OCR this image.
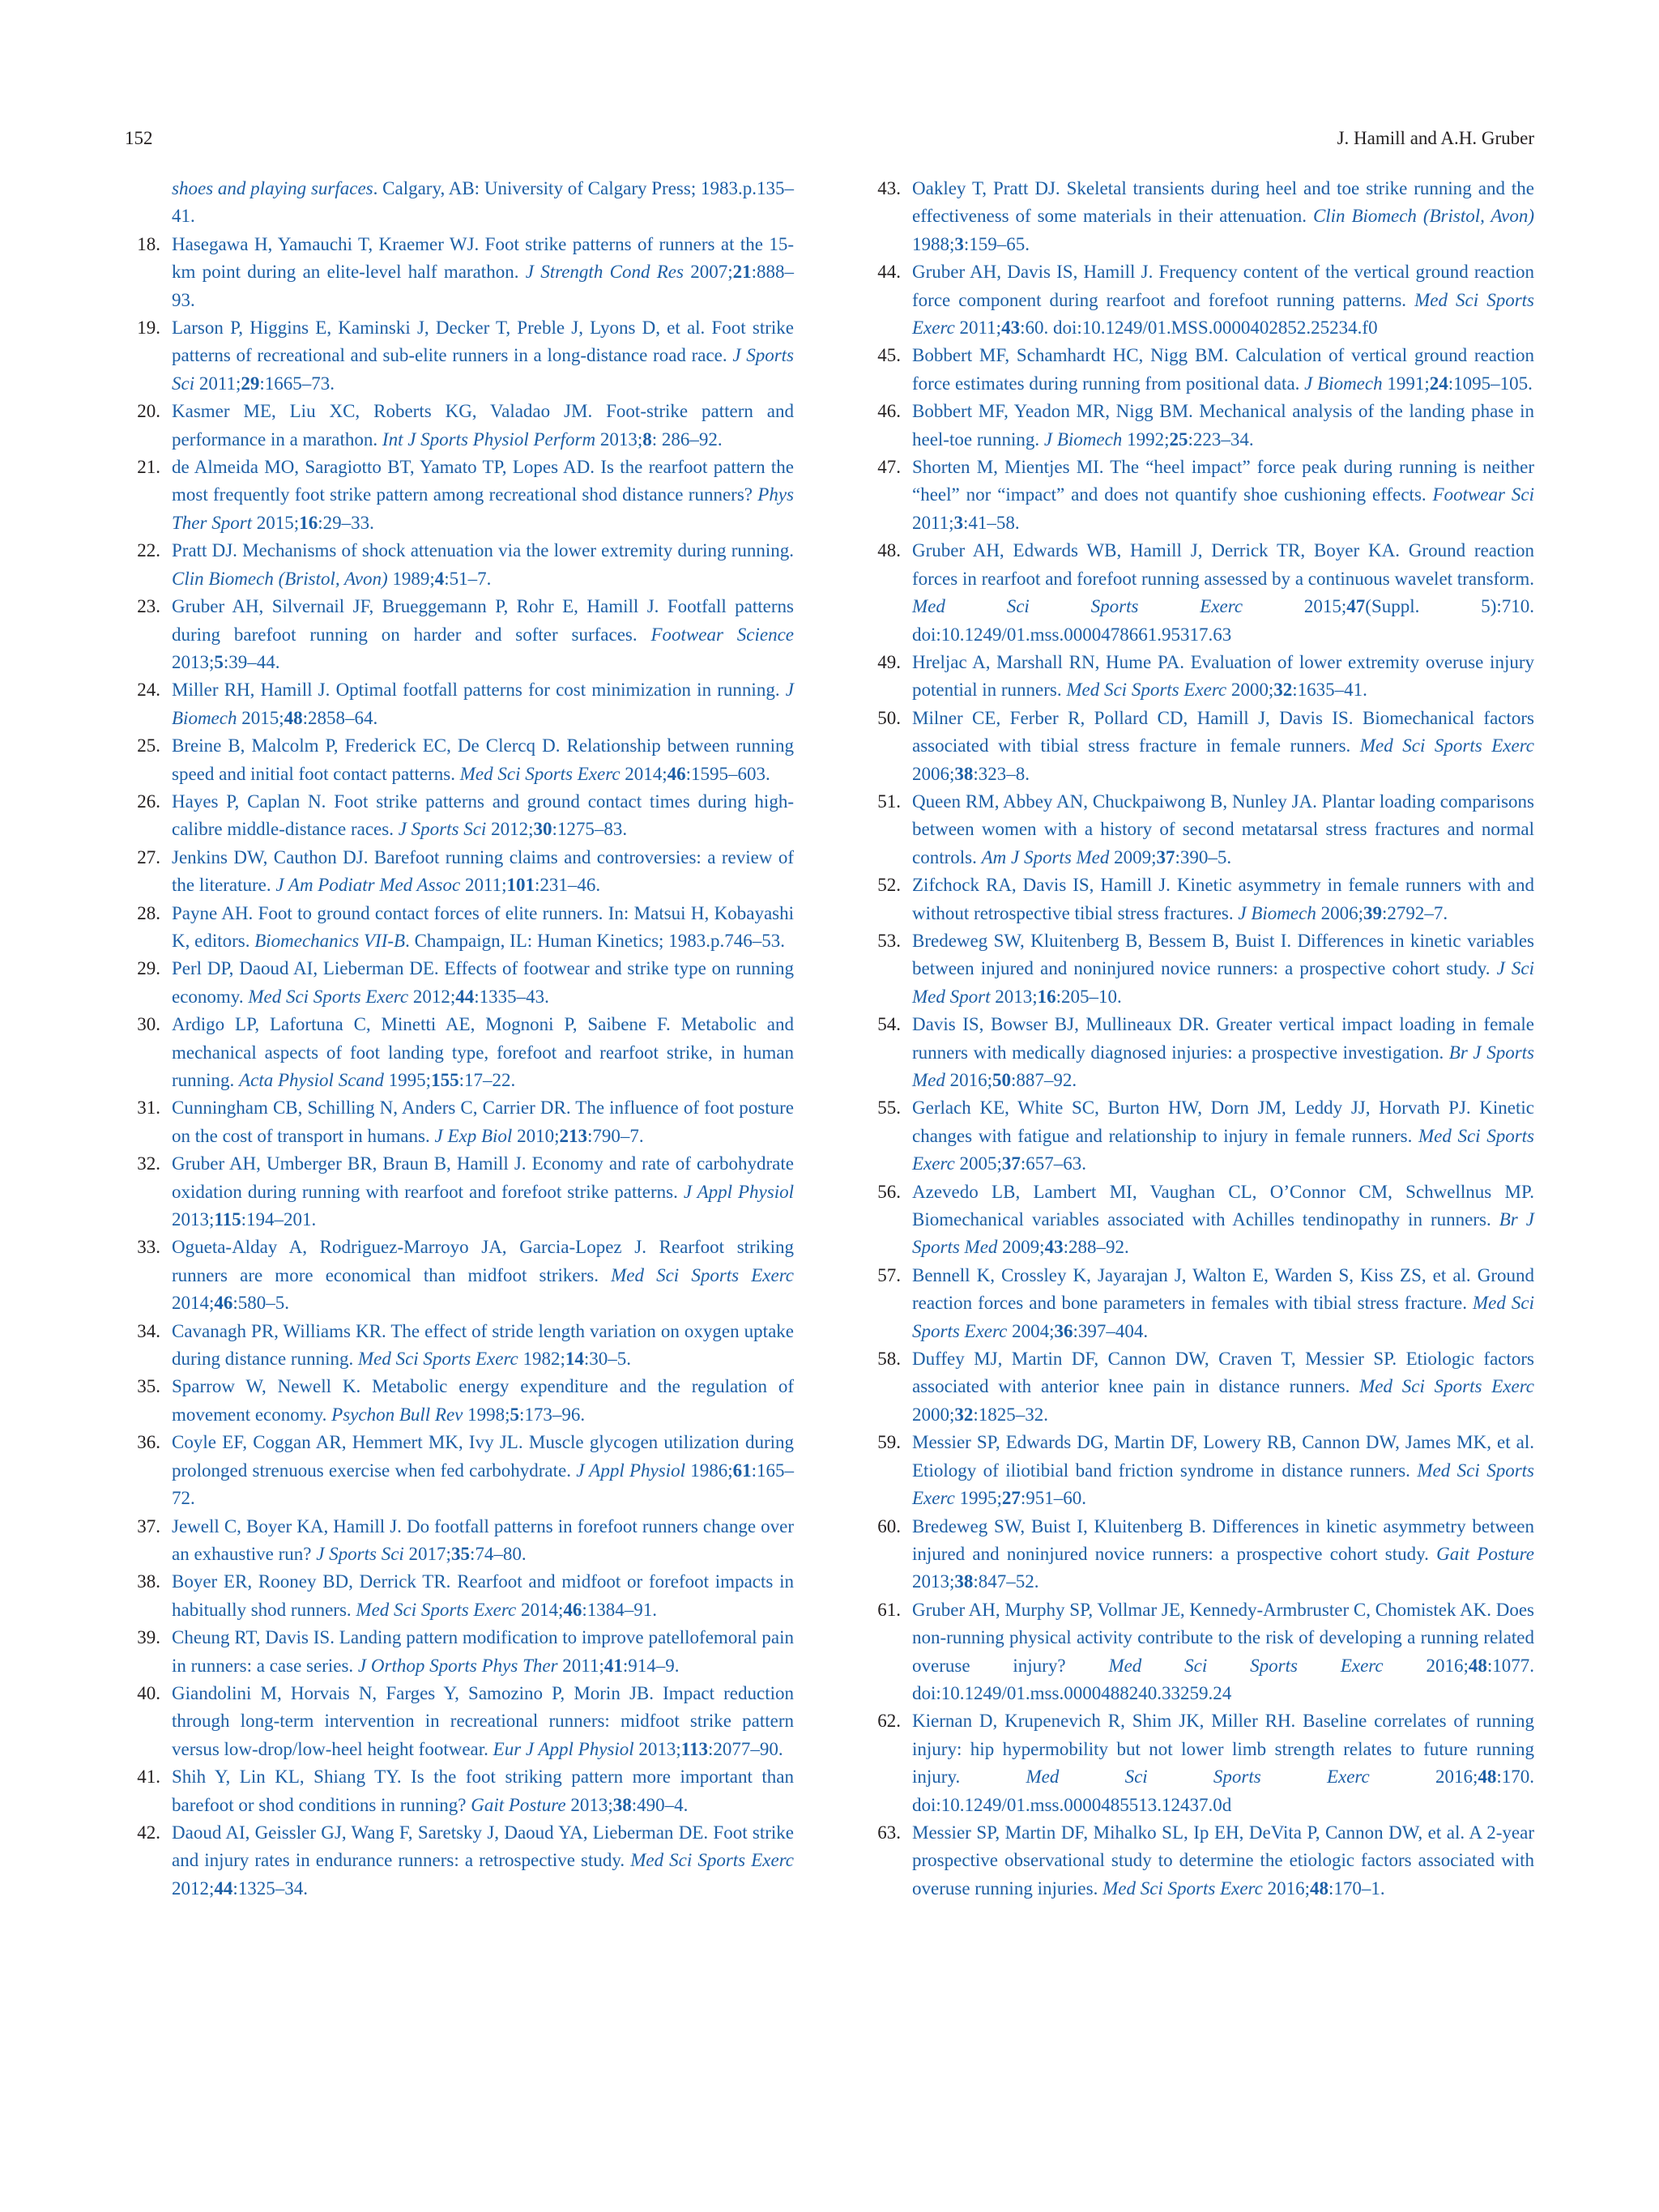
152	J. Hamill and A.H. Gruber
shoes and playing surfaces. Calgary, AB: University of Calgary Press; 1983.p.135–41.
18. Hasegawa H, Yamauchi T, Kraemer WJ. Foot strike patterns of runners at the 15-km point during an elite-level half marathon. J Strength Cond Res 2007;21:888–93.
19. Larson P, Higgins E, Kaminski J, Decker T, Preble J, Lyons D, et al. Foot strike patterns of recreational and sub-elite runners in a long-distance road race. J Sports Sci 2011;29:1665–73.
20. Kasmer ME, Liu XC, Roberts KG, Valadao JM. Foot-strike pattern and performance in a marathon. Int J Sports Physiol Perform 2013;8: 286–92.
21. de Almeida MO, Saragiotto BT, Yamato TP, Lopes AD. Is the rearfoot pattern the most frequently foot strike pattern among recreational shod distance runners? Phys Ther Sport 2015;16:29–33.
22. Pratt DJ. Mechanisms of shock attenuation via the lower extremity during running. Clin Biomech (Bristol, Avon) 1989;4:51–7.
23. Gruber AH, Silvernail JF, Brueggemann P, Rohr E, Hamill J. Footfall patterns during barefoot running on harder and softer surfaces. Footwear Science 2013;5:39–44.
24. Miller RH, Hamill J. Optimal footfall patterns for cost minimization in running. J Biomech 2015;48:2858–64.
25. Breine B, Malcolm P, Frederick EC, De Clercq D. Relationship between running speed and initial foot contact patterns. Med Sci Sports Exerc 2014;46:1595–603.
26. Hayes P, Caplan N. Foot strike patterns and ground contact times during high-calibre middle-distance races. J Sports Sci 2012;30:1275–83.
27. Jenkins DW, Cauthon DJ. Barefoot running claims and controversies: a review of the literature. J Am Podiatr Med Assoc 2011;101:231–46.
28. Payne AH. Foot to ground contact forces of elite runners. In: Matsui H, Kobayashi K, editors. Biomechanics VII-B. Champaign, IL: Human Kinetics; 1983.p.746–53.
29. Perl DP, Daoud AI, Lieberman DE. Effects of footwear and strike type on running economy. Med Sci Sports Exerc 2012;44:1335–43.
30. Ardigo LP, Lafortuna C, Minetti AE, Mognoni P, Saibene F. Metabolic and mechanical aspects of foot landing type, forefoot and rearfoot strike, in human running. Acta Physiol Scand 1995;155:17–22.
31. Cunningham CB, Schilling N, Anders C, Carrier DR. The influence of foot posture on the cost of transport in humans. J Exp Biol 2010;213:790–7.
32. Gruber AH, Umberger BR, Braun B, Hamill J. Economy and rate of carbohydrate oxidation during running with rearfoot and forefoot strike patterns. J Appl Physiol 2013;115:194–201.
33. Ogueta-Alday A, Rodriguez-Marroyo JA, Garcia-Lopez J. Rearfoot striking runners are more economical than midfoot strikers. Med Sci Sports Exerc 2014;46:580–5.
34. Cavanagh PR, Williams KR. The effect of stride length variation on oxygen uptake during distance running. Med Sci Sports Exerc 1982;14:30–5.
35. Sparrow W, Newell K. Metabolic energy expenditure and the regulation of movement economy. Psychon Bull Rev 1998;5:173–96.
36. Coyle EF, Coggan AR, Hemmert MK, Ivy JL. Muscle glycogen utilization during prolonged strenuous exercise when fed carbohydrate. J Appl Physiol 1986;61:165–72.
37. Jewell C, Boyer KA, Hamill J. Do footfall patterns in forefoot runners change over an exhaustive run? J Sports Sci 2017;35:74–80.
38. Boyer ER, Rooney BD, Derrick TR. Rearfoot and midfoot or forefoot impacts in habitually shod runners. Med Sci Sports Exerc 2014;46:1384–91.
39. Cheung RT, Davis IS. Landing pattern modification to improve patellofemoral pain in runners: a case series. J Orthop Sports Phys Ther 2011;41:914–9.
40. Giandolini M, Horvais N, Farges Y, Samozino P, Morin JB. Impact reduction through long-term intervention in recreational runners: midfoot strike pattern versus low-drop/low-heel height footwear. Eur J Appl Physiol 2013;113:2077–90.
41. Shih Y, Lin KL, Shiang TY. Is the foot striking pattern more important than barefoot or shod conditions in running? Gait Posture 2013;38:490–4.
42. Daoud AI, Geissler GJ, Wang F, Saretsky J, Daoud YA, Lieberman DE. Foot strike and injury rates in endurance runners: a retrospective study. Med Sci Sports Exerc 2012;44:1325–34.
43. Oakley T, Pratt DJ. Skeletal transients during heel and toe strike running and the effectiveness of some materials in their attenuation. Clin Biomech (Bristol, Avon) 1988;3:159–65.
44. Gruber AH, Davis IS, Hamill J. Frequency content of the vertical ground reaction force component during rearfoot and forefoot running patterns. Med Sci Sports Exerc 2011;43:60. doi:10.1249/01.MSS.0000402852.25234.f0
45. Bobbert MF, Schamhardt HC, Nigg BM. Calculation of vertical ground reaction force estimates during running from positional data. J Biomech 1991;24:1095–105.
46. Bobbert MF, Yeadon MR, Nigg BM. Mechanical analysis of the landing phase in heel-toe running. J Biomech 1992;25:223–34.
47. Shorten M, Mientjes MI. The “heel impact” force peak during running is neither “heel” nor “impact” and does not quantify shoe cushioning effects. Footwear Sci 2011;3:41–58.
48. Gruber AH, Edwards WB, Hamill J, Derrick TR, Boyer KA. Ground reaction forces in rearfoot and forefoot running assessed by a continuous wavelet transform. Med Sci Sports Exerc 2015;47(Suppl. 5):710. doi:10.1249/01.mss.0000478661.95317.63
49. Hreljac A, Marshall RN, Hume PA. Evaluation of lower extremity overuse injury potential in runners. Med Sci Sports Exerc 2000;32:1635–41.
50. Milner CE, Ferber R, Pollard CD, Hamill J, Davis IS. Biomechanical factors associated with tibial stress fracture in female runners. Med Sci Sports Exerc 2006;38:323–8.
51. Queen RM, Abbey AN, Chuckpaiwong B, Nunley JA. Plantar loading comparisons between women with a history of second metatarsal stress fractures and normal controls. Am J Sports Med 2009;37:390–5.
52. Zifchock RA, Davis IS, Hamill J. Kinetic asymmetry in female runners with and without retrospective tibial stress fractures. J Biomech 2006;39:2792–7.
53. Bredeweg SW, Kluitenberg B, Bessem B, Buist I. Differences in kinetic variables between injured and noninjured novice runners: a prospective cohort study. J Sci Med Sport 2013;16:205–10.
54. Davis IS, Bowser BJ, Mullineaux DR. Greater vertical impact loading in female runners with medically diagnosed injuries: a prospective investigation. Br J Sports Med 2016;50:887–92.
55. Gerlach KE, White SC, Burton HW, Dorn JM, Leddy JJ, Horvath PJ. Kinetic changes with fatigue and relationship to injury in female runners. Med Sci Sports Exerc 2005;37:657–63.
56. Azevedo LB, Lambert MI, Vaughan CL, O’Connor CM, Schwellnus MP. Biomechanical variables associated with Achilles tendinopathy in runners. Br J Sports Med 2009;43:288–92.
57. Bennell K, Crossley K, Jayarajan J, Walton E, Warden S, Kiss ZS, et al. Ground reaction forces and bone parameters in females with tibial stress fracture. Med Sci Sports Exerc 2004;36:397–404.
58. Duffey MJ, Martin DF, Cannon DW, Craven T, Messier SP. Etiologic factors associated with anterior knee pain in distance runners. Med Sci Sports Exerc 2000;32:1825–32.
59. Messier SP, Edwards DG, Martin DF, Lowery RB, Cannon DW, James MK, et al. Etiology of iliotibial band friction syndrome in distance runners. Med Sci Sports Exerc 1995;27:951–60.
60. Bredeweg SW, Buist I, Kluitenberg B. Differences in kinetic asymmetry between injured and noninjured novice runners: a prospective cohort study. Gait Posture 2013;38:847–52.
61. Gruber AH, Murphy SP, Vollmar JE, Kennedy-Armbruster C, Chomistek AK. Does non-running physical activity contribute to the risk of developing a running related overuse injury? Med Sci Sports Exerc 2016;48:1077. doi:10.1249/01.mss.0000488240.33259.24
62. Kiernan D, Krupenevich R, Shim JK, Miller RH. Baseline correlates of running injury: hip hypermobility but not lower limb strength relates to future running injury. Med Sci Sports Exerc 2016;48:170. doi:10.1249/01.mss.0000485513.12437.0d
63. Messier SP, Martin DF, Mihalko SL, Ip EH, DeVita P, Cannon DW, et al. A 2-year prospective observational study to determine the etiologic factors associated with overuse running injuries. Med Sci Sports Exerc 2016;48:170–1.
